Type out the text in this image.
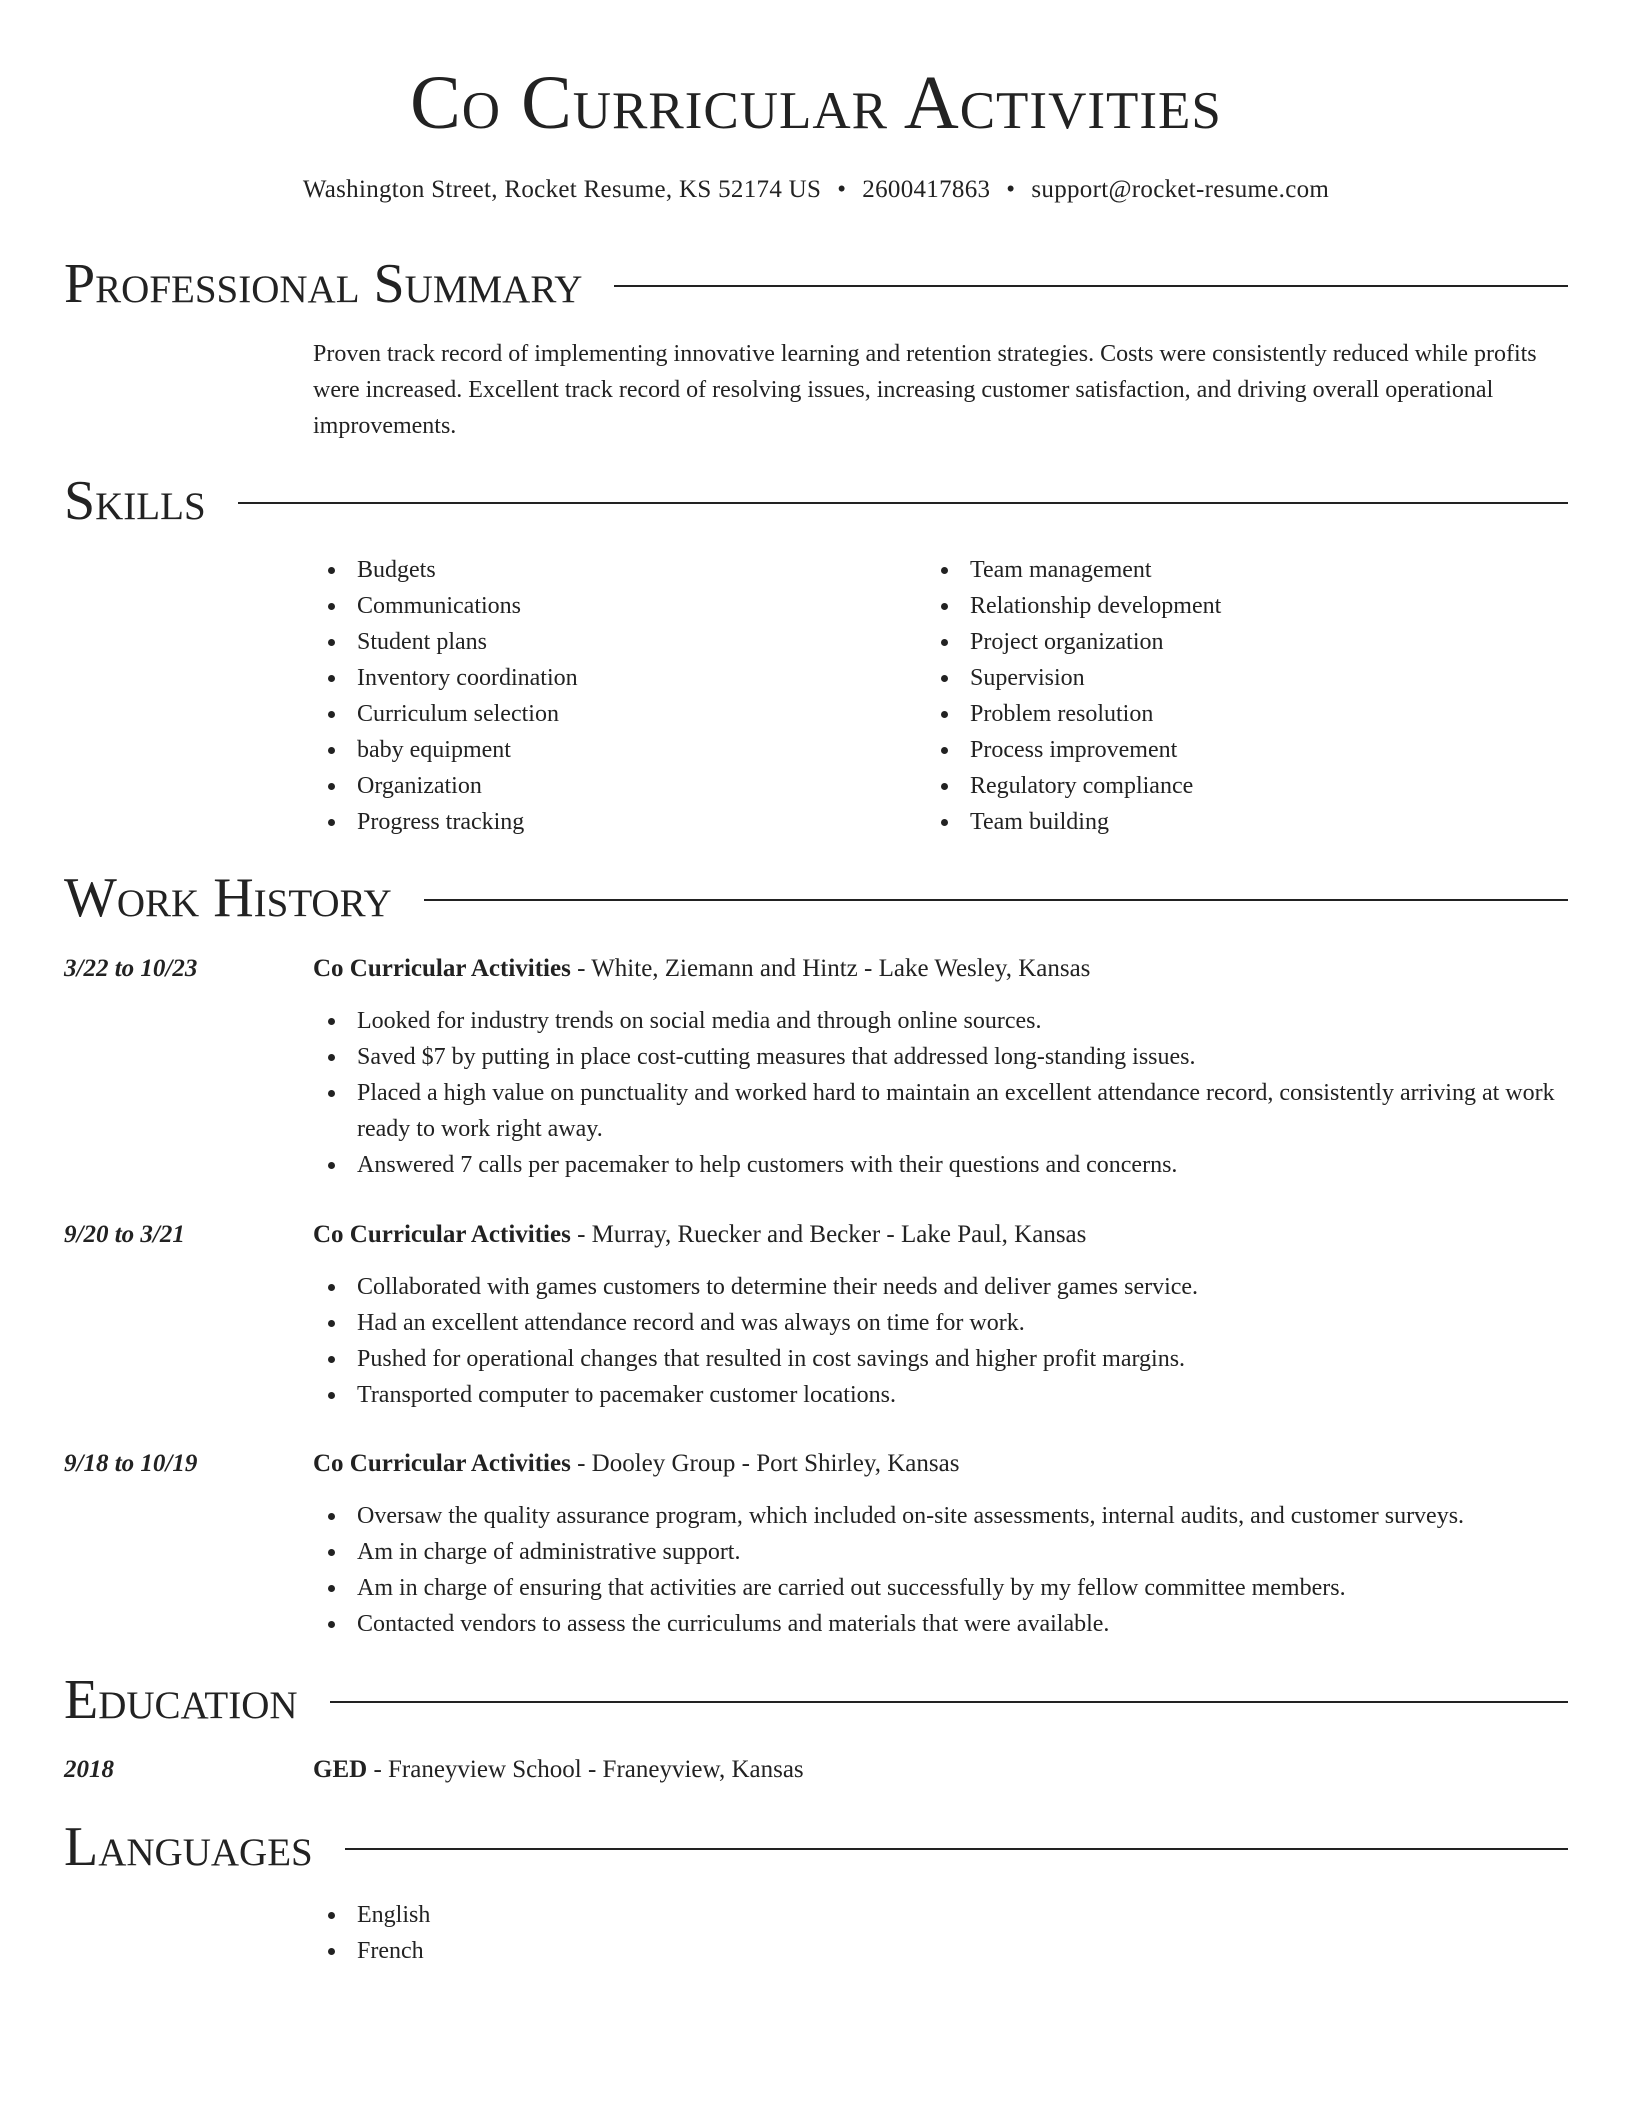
Co Curricular Activities
Washington Street, Rocket Resume, KS 52174 US • 2600417863 • support@rocket-resume.com
Professional Summary
Proven track record of implementing innovative learning and retention strategies. Costs were consistently reduced while profits were increased. Excellent track record of resolving issues, increasing customer satisfaction, and driving overall operational improvements.
Skills
Budgets
Communications
Student plans
Inventory coordination
Curriculum selection
baby equipment
Organization
Progress tracking
Team management
Relationship development
Project organization
Supervision
Problem resolution
Process improvement
Regulatory compliance
Team building
Work History
3/22 to 10/23	Co Curricular Activities - White, Ziemann and Hintz - Lake Wesley, Kansas
Looked for industry trends on social media and through online sources.
Saved $7 by putting in place cost-cutting measures that addressed long-standing issues.
Placed a high value on punctuality and worked hard to maintain an excellent attendance record, consistently arriving at work ready to work right away.
Answered 7 calls per pacemaker to help customers with their questions and concerns.
9/20 to 3/21	Co Curricular Activities - Murray, Ruecker and Becker - Lake Paul, Kansas
Collaborated with games customers to determine their needs and deliver games service.
Had an excellent attendance record and was always on time for work.
Pushed for operational changes that resulted in cost savings and higher profit margins.
Transported computer to pacemaker customer locations.
9/18 to 10/19	Co Curricular Activities - Dooley Group - Port Shirley, Kansas
Oversaw the quality assurance program, which included on-site assessments, internal audits, and customer surveys.
Am in charge of administrative support.
Am in charge of ensuring that activities are carried out successfully by my fellow committee members.
Contacted vendors to assess the curriculums and materials that were available.
Education
2018	GED - Franeyview School - Franeyview, Kansas
Languages
English
French
